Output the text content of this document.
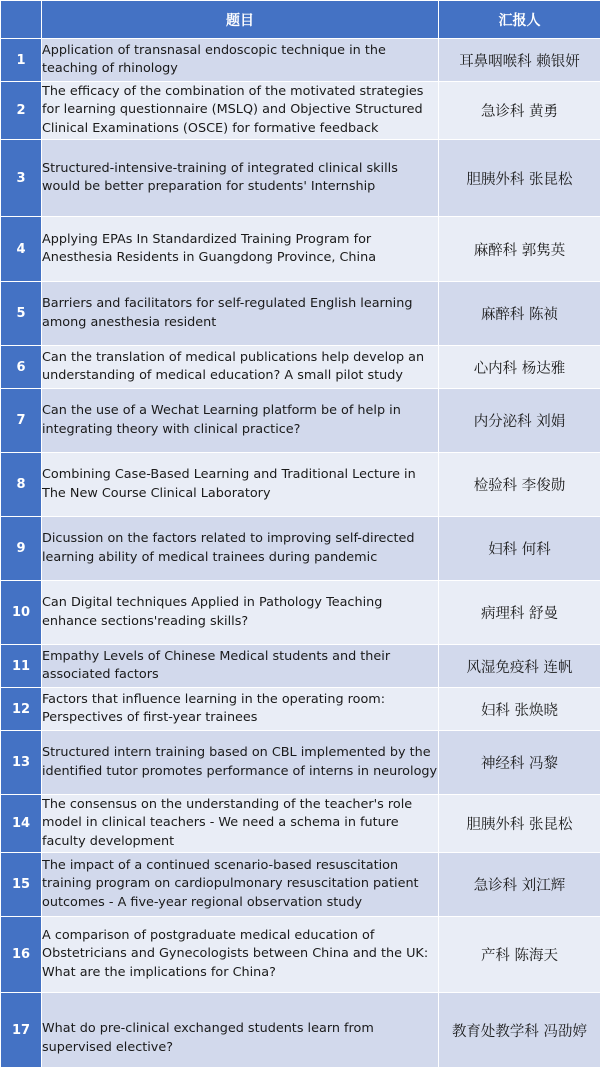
	题目	汇报人
1	Application of transnasal endoscopic technique in the teaching of rhinology	耳鼻咽喉科 赖银妍
2	The efficacy of the combination of the motivated strategies for learning questionnaire (MSLQ) and Objective Structured Clinical Examinations (OSCE) for formative feedback	急诊科 黄勇
3	Structured-intensive-training of integrated clinical skills would be better preparation for students' Internship	胆胰外科 张昆松
4	Applying EPAs In Standardized Training Program for Anesthesia Residents in Guangdong Province, China	麻醉科 郭隽英
5	Barriers and facilitators for self-regulated English learning among anesthesia resident	麻醉科 陈祯
6	Can the translation of medical publications help develop an understanding of medical education? A small pilot study	心内科 杨达雅
7	Can the use of a Wechat Learning platform be of help in integrating theory with clinical practice?	内分泌科 刘娟
8	Combining Case-Based Learning and Traditional Lecture in The New Course Clinical Laboratory	检验科 李俊勋
9	Dicussion on the factors related to improving self-directed learning ability of medical trainees during pandemic	妇科 何科
10	Can Digital techniques Applied in Pathology Teaching enhance sections'reading skills?	病理科 舒曼
11	Empathy Levels of Chinese Medical students and their associated factors	风湿免疫科 连帆
12	Factors that influence learning in the operating room: Perspectives of first-year trainees	妇科 张焕晓
13	Structured intern training based on CBL implemented by the identified tutor promotes performance of interns in neurology	神经科 冯黎
14	The consensus on the understanding of the teacher's role model in clinical teachers - We need a schema in future faculty development	胆胰外科 张昆松
15	The impact of a continued scenario-based resuscitation training program on cardiopulmonary resuscitation patient outcomes - A five-year regional observation study	急诊科 刘江辉
16	A comparison of postgraduate medical education of Obstetricians and Gynecologists between China and the UK: What are the implications for China?	产科 陈海天
17	What do pre-clinical exchanged students learn from supervised elective?	教育处教学科 冯劭婷
